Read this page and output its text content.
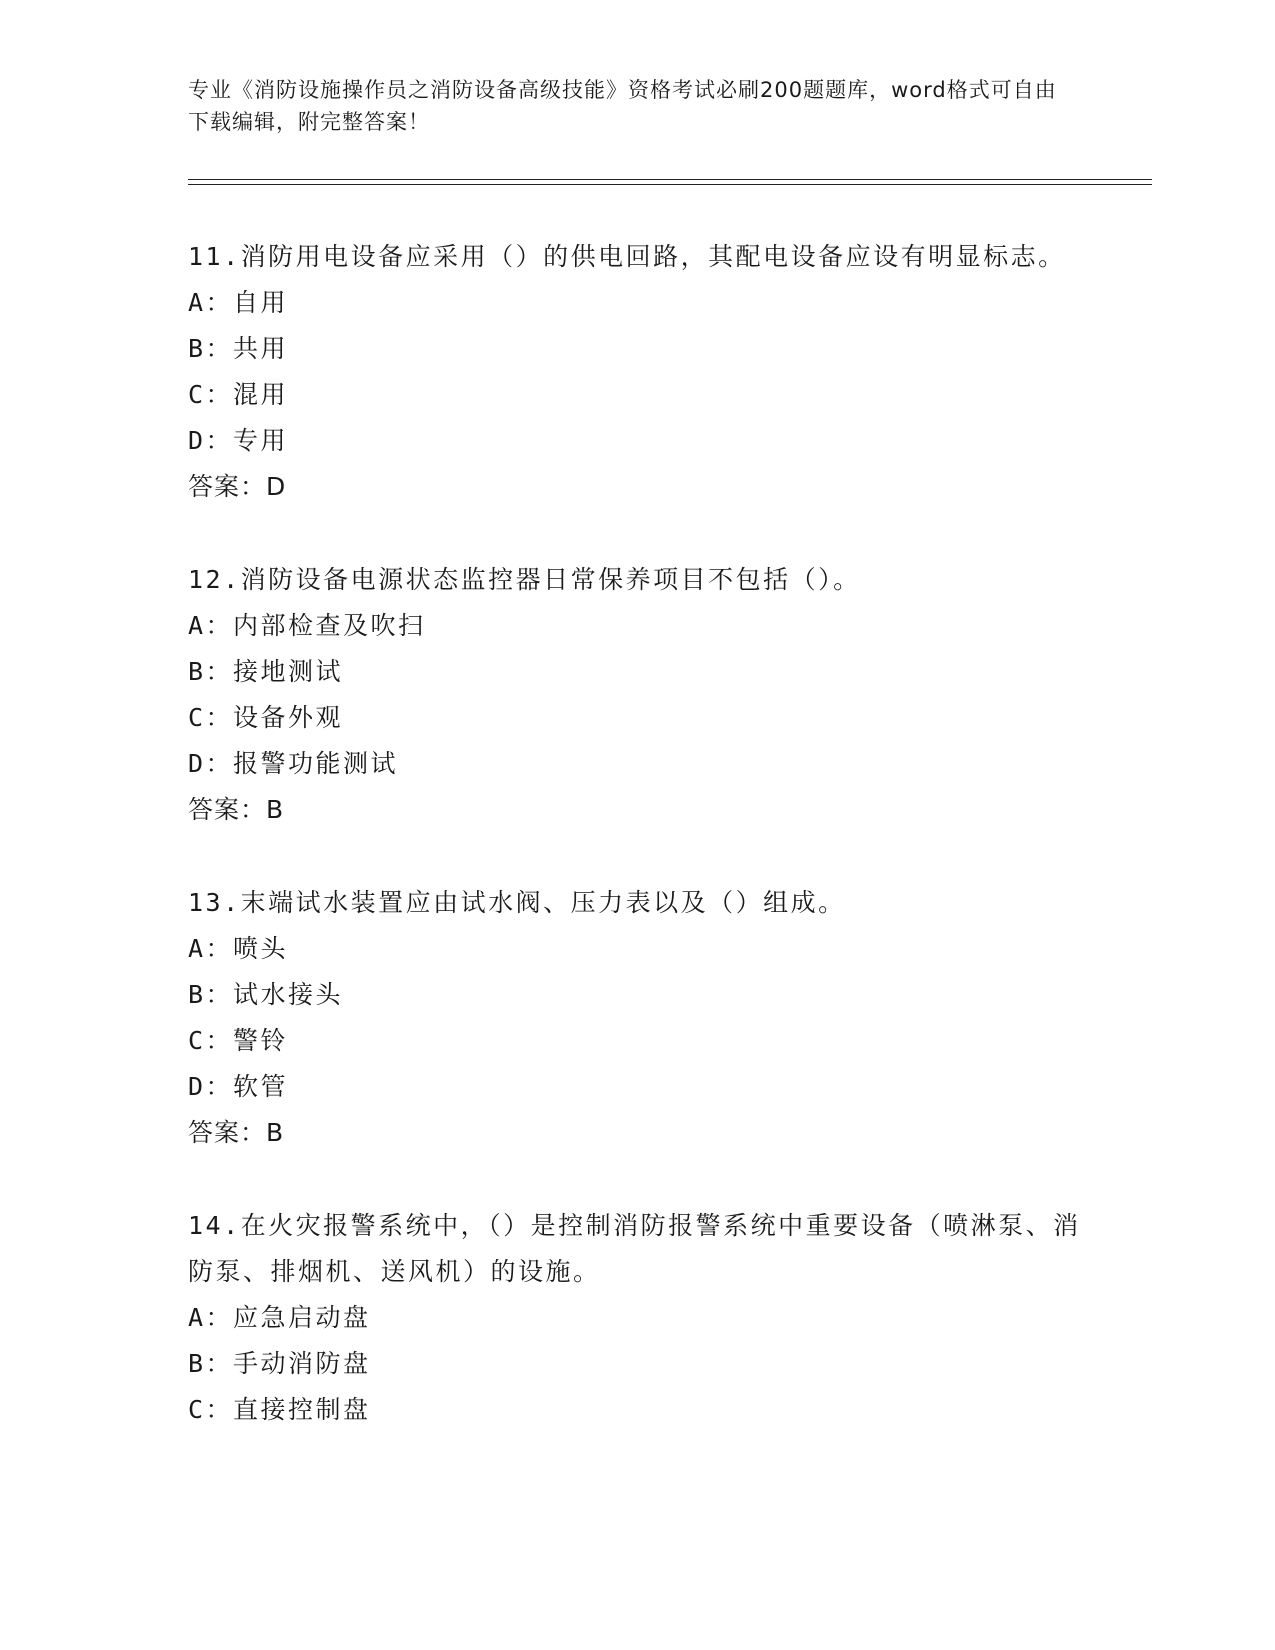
专业《消防设施操作员之消防设备高级技能》资格考试必刷200题题库，word格式可自由下载编辑，附完整答案！

11.消防用电设备应采用（）的供电回路，其配电设备应设有明显标志。

A：自用

B：共用

C：混用

D：专用

答案：D

12.消防设备电源状态监控器日常保养项目不包括（）。

A：内部检查及吹扫

B：接地测试

C：设备外观

D：报警功能测试

答案：B

13.末端试水装置应由试水阀、压力表以及（）组成。

A：喷头

B：试水接头

C：警铃

D：软管

答案：B

14.在火灾报警系统中，（）是控制消防报警系统中重要设备（喷淋泵、消防泵、排烟机、送风机）的设施。

A：应急启动盘

B：手动消防盘

C：直接控制盘
